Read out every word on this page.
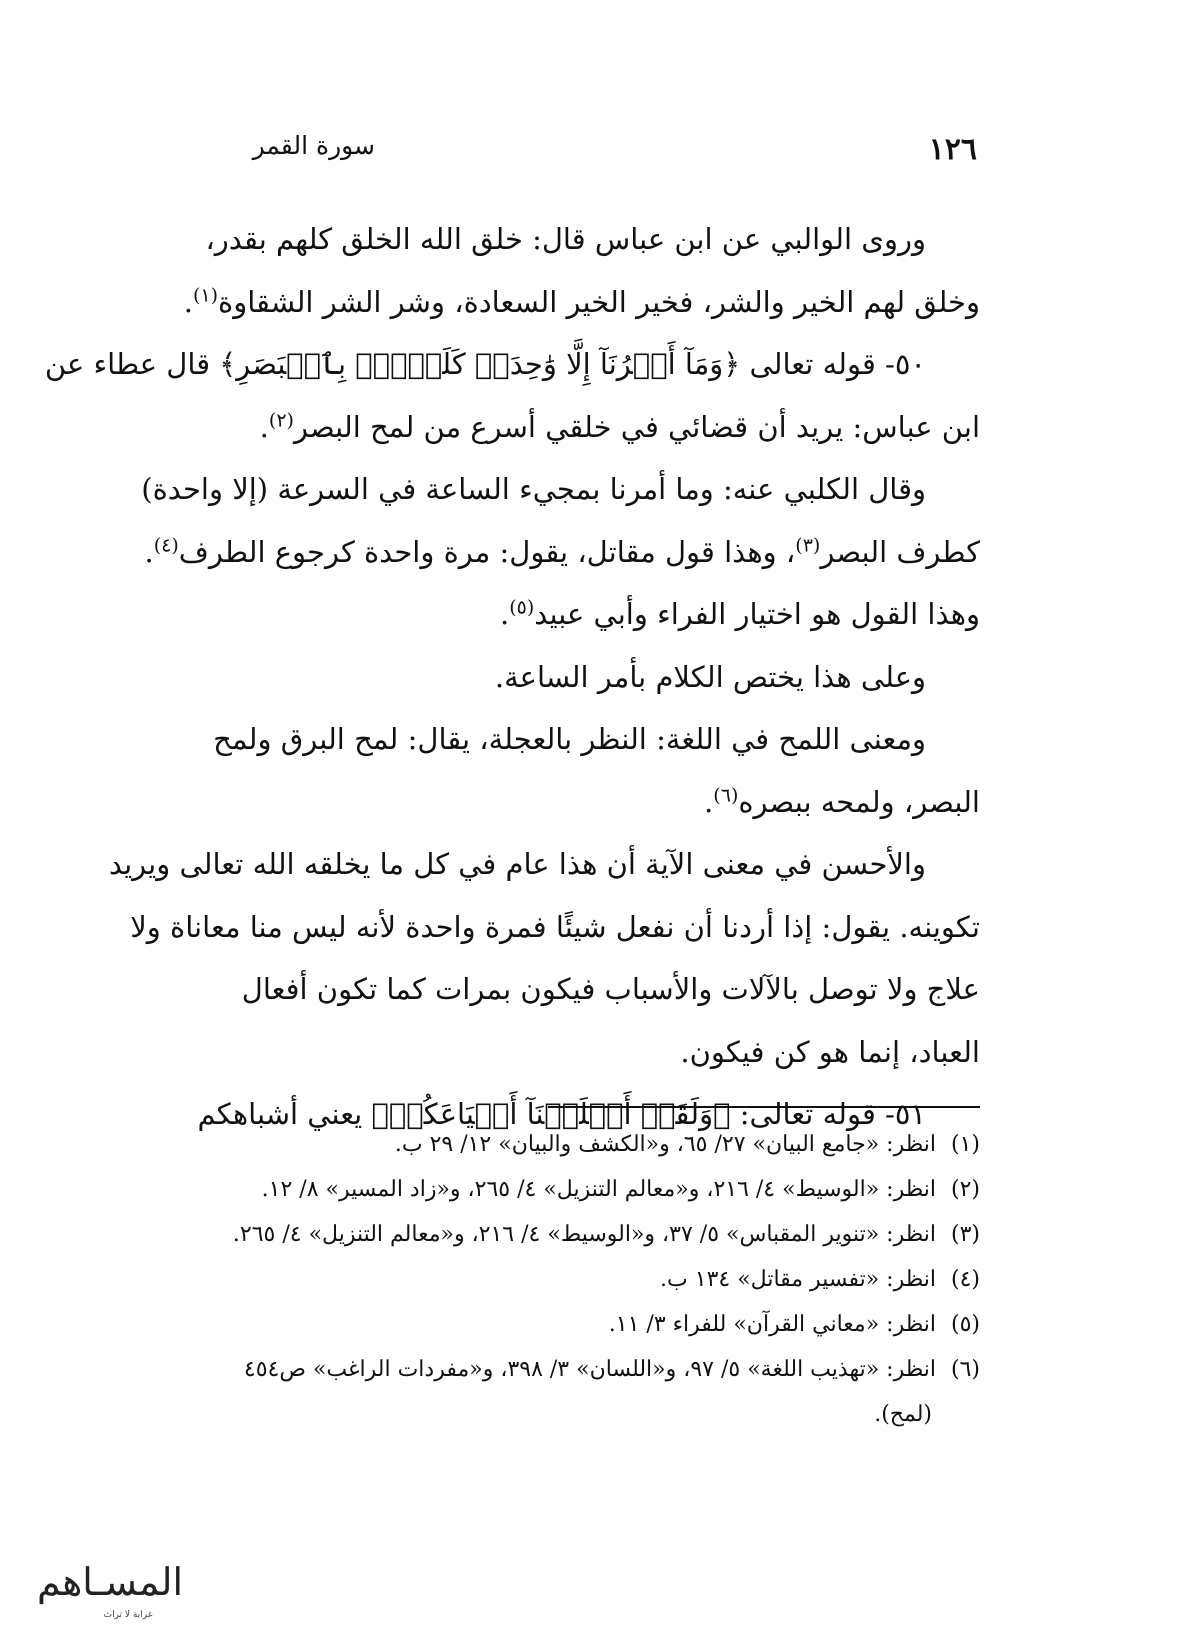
سورة القمر	١٢٦

وروى الوالبي عن ابن عباس قال: خلق الله الخلق كلهم بقدر،
وخلق لهم الخير والشر، فخير الخير السعادة، وشر الشر الشقاوة$^{(١)}$.

٥٠- قوله تعالى ﴿وَمَآ أَمۡرُنَآ إِلَّا وَٰحِدَةٞ كَلَمۡحِۭ بِٱلۡبَصَرِ﴾ قال عطاء عن
ابن عباس: يريد أن قضائي في خلقي أسرع من لمح البصر$^{(٢)}$.

وقال الكلبي عنه: وما أمرنا بمجيء الساعة في السرعة (إلا واحدة)
كطرف البصر$^{(٣)}$، وهذا قول مقاتل، يقول: مرة واحدة كرجوع الطرف$^{(٤)}$.
وهذا القول هو اختيار الفراء وأبي عبيد$^{(٥)}$.

وعلى هذا يختص الكلام بأمر الساعة.

ومعنى اللمح في اللغة: النظر بالعجلة، يقال: لمح البرق ولمح
البصر، ولمحه ببصره$^{(٦)}$.

والأحسن في معنى الآية أن هذا عام في كل ما يخلقه الله تعالى ويريد
تكوينه. يقول: إذا أردنا أن نفعل شيئًا فمرة واحدة لأنه ليس منا معاناة ولا
علاج ولا توصل بالآلات والأسباب فيكون بمرات كما تكون أفعال
العباد، إنما هو كن فيكون.

٥١- قوله تعالى: ﴿وَلَقَدۡ أَهۡلَكۡنَآ أَشۡيَاعَكُمۡ﴾ يعني أشباهكم

(١)انظر: «جامع البيان» ٢٧/ ٦٥، و«الكشف والبيان» ١٢/ ٢٩ ب.
(٢)انظر: «الوسيط» ٤/ ٢١٦، و«معالم التنزيل» ٤/ ٢٦٥، و«زاد المسير» ٨/ ١٢.
(٣)انظر: «تنوير المقباس» ٥/ ٣٧، و«الوسيط» ٤/ ٢١٦، و«معالم التنزيل» ٤/ ٢٦٥.
(٤)انظر: «تفسير مقاتل» ١٣٤ ب.
(٥)انظر: «معاني القرآن» للفراء ٣/ ١١.
(٦)انظر: «تهذيب اللغة» ٥/ ٩٧، و«اللسان» ٣/ ٣٩٨، و«مفردات الراغب» ص٤٥٤
(لمح).
المسـاهم
غرابة لا تراث
